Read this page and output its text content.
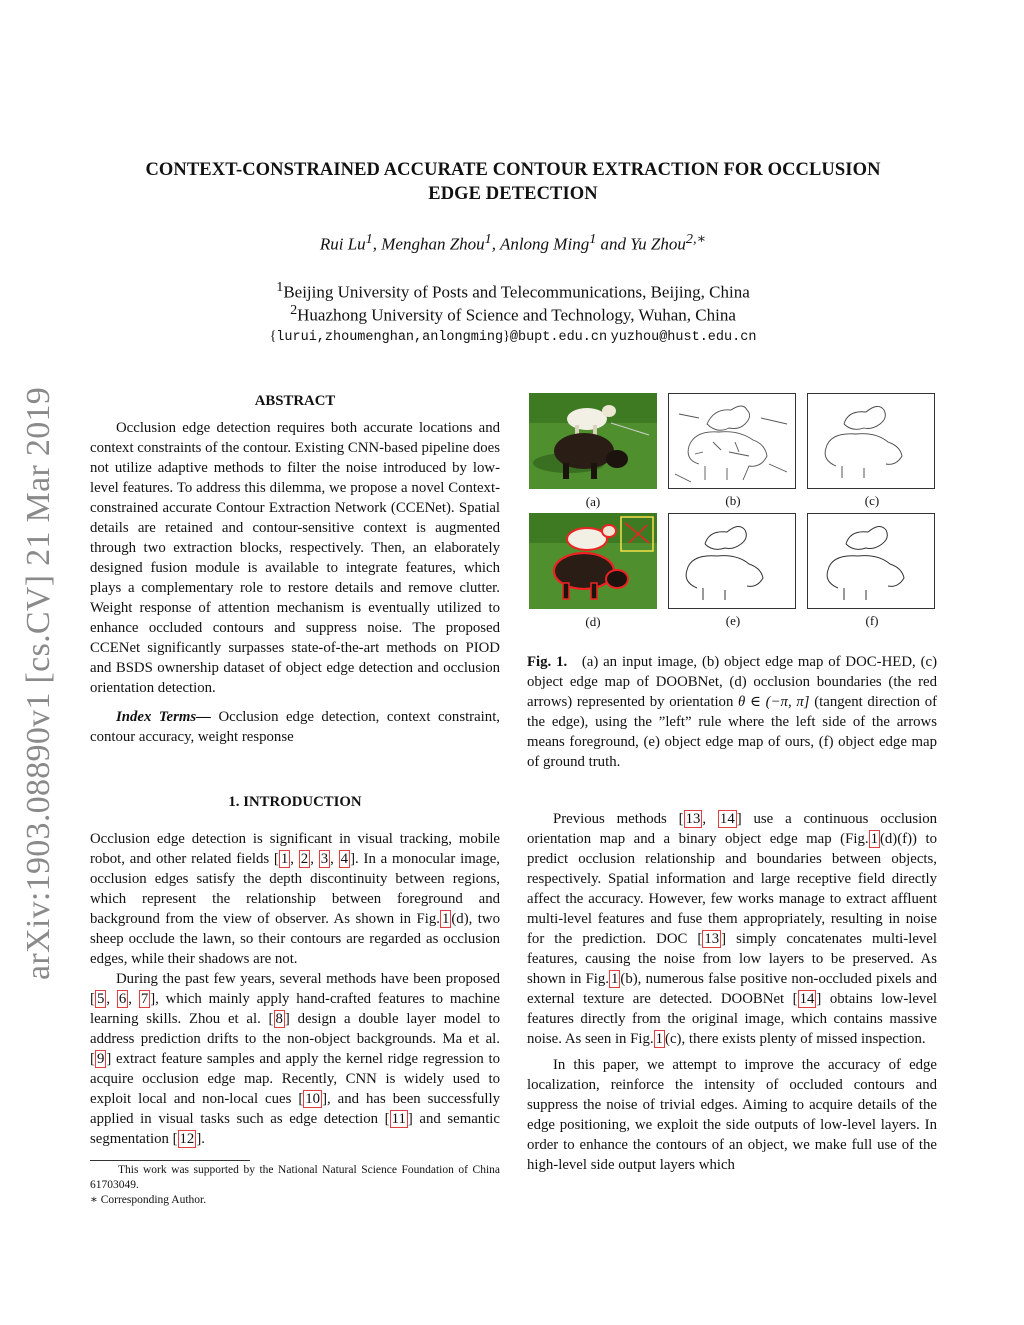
arXiv:1903.08890v1 [cs.CV] 21 Mar 2019
CONTEXT-CONSTRAINED ACCURATE CONTOUR EXTRACTION FOR OCCLUSION
EDGE DETECTION
Rui Lu$^1$, Menghan Zhou$^1$, Anlong Ming$^1$ and Yu Zhou$^{2,∗}$
$^1$Beijing University of Posts and Telecommunications, Beijing, China
$^2$Huazhong University of Science and Technology, Wuhan, China
{lurui,zhoumenghan,anlongming}@bupt.edu.cn yuzhou@hust.edu.cn
ABSTRACT

Occlusion edge detection requires both accurate locations and context constraints of the contour. Existing CNN-based pipeline does not utilize adaptive methods to filter the noise introduced by low-level features. To address this dilemma, we propose a novel Context-constrained accurate Contour Extraction Network (CCENet). Spatial details are retained and contour-sensitive context is augmented through two extraction blocks, respectively. Then, an elaborately designed fusion module is available to integrate features, which plays a complementary role to restore details and remove clutter. Weight response of attention mechanism is eventually utilized to enhance occluded contours and suppress noise. The proposed CCENet significantly surpasses state-of-the-art methods on PIOD and BSDS ownership dataset of object edge detection and occlusion orientation detection.

Index Terms— Occlusion edge detection, context constraint, contour accuracy, weight response

1. INTRODUCTION

Occlusion edge detection is significant in visual tracking, mobile robot, and other related fields [ 1 , 2 , 3 , 4 ]. In a monocular image, occlusion edges satisfy the depth discontinuity between regions, which represent the relationship between foreground and background from the view of observer. As shown in Fig. 1 (d), two sheep occlude the lawn, so their contours are regarded as occlusion edges, while their shadows are not.

During the past few years, several methods have been proposed [ 5 , 6 , 7 ], which mainly apply hand-crafted features to machine learning skills. Zhou et al. [ 8 ] design a double layer model to address prediction drifts to the non-object backgrounds. Ma et al. [ 9 ] extract feature samples and apply the kernel ridge regression to acquire occlusion edge map. Recently, CNN is widely used to exploit local and non-local cues [ 10 ], and has been successfully applied in visual tasks such as edge detection [ 11 ] and semantic segmentation [ 12 ].

This work was supported by the National Natural Science Foundation of China 61703049.
∗ Corresponding Author.
(a)	(b)	(c)
(d)	(e)	(f)
Fig. 1. (a) an input image, (b) object edge map of DOC-HED, (c) object edge map of DOOBNet, (d) occlusion boundaries (the red arrows) represented by orientation θ ∈ (−π, π] (tangent direction of the edge), using the ”left” rule where the left side of the arrows means foreground, (e) object edge map of ours, (f) object edge map of ground truth.

Previous methods [ 13 , 14 ] use a continuous occlusion orientation map and a binary object edge map (Fig. 1 (d)(f)) to predict occlusion relationship and boundaries between objects, respectively. Spatial information and large receptive field directly affect the accuracy. However, few works manage to extract affluent multi-level features and fuse them appropriately, resulting in noise for the prediction. DOC [ 13 ] simply concatenates multi-level features, causing the noise from low layers to be preserved. As shown in Fig. 1 (b), numerous false positive non-occluded pixels and external texture are detected. DOOBNet [ 14 ] obtains low-level features directly from the original image, which contains massive noise. As seen in Fig. 1 (c), there exists plenty of missed inspection.

In this paper, we attempt to improve the accuracy of edge localization, reinforce the intensity of occluded contours and suppress the noise of trivial edges. Aiming to acquire details of the edge positioning, we exploit the side outputs of low-level layers. In order to enhance the contours of an object, we make full use of the high-level side output layers which
